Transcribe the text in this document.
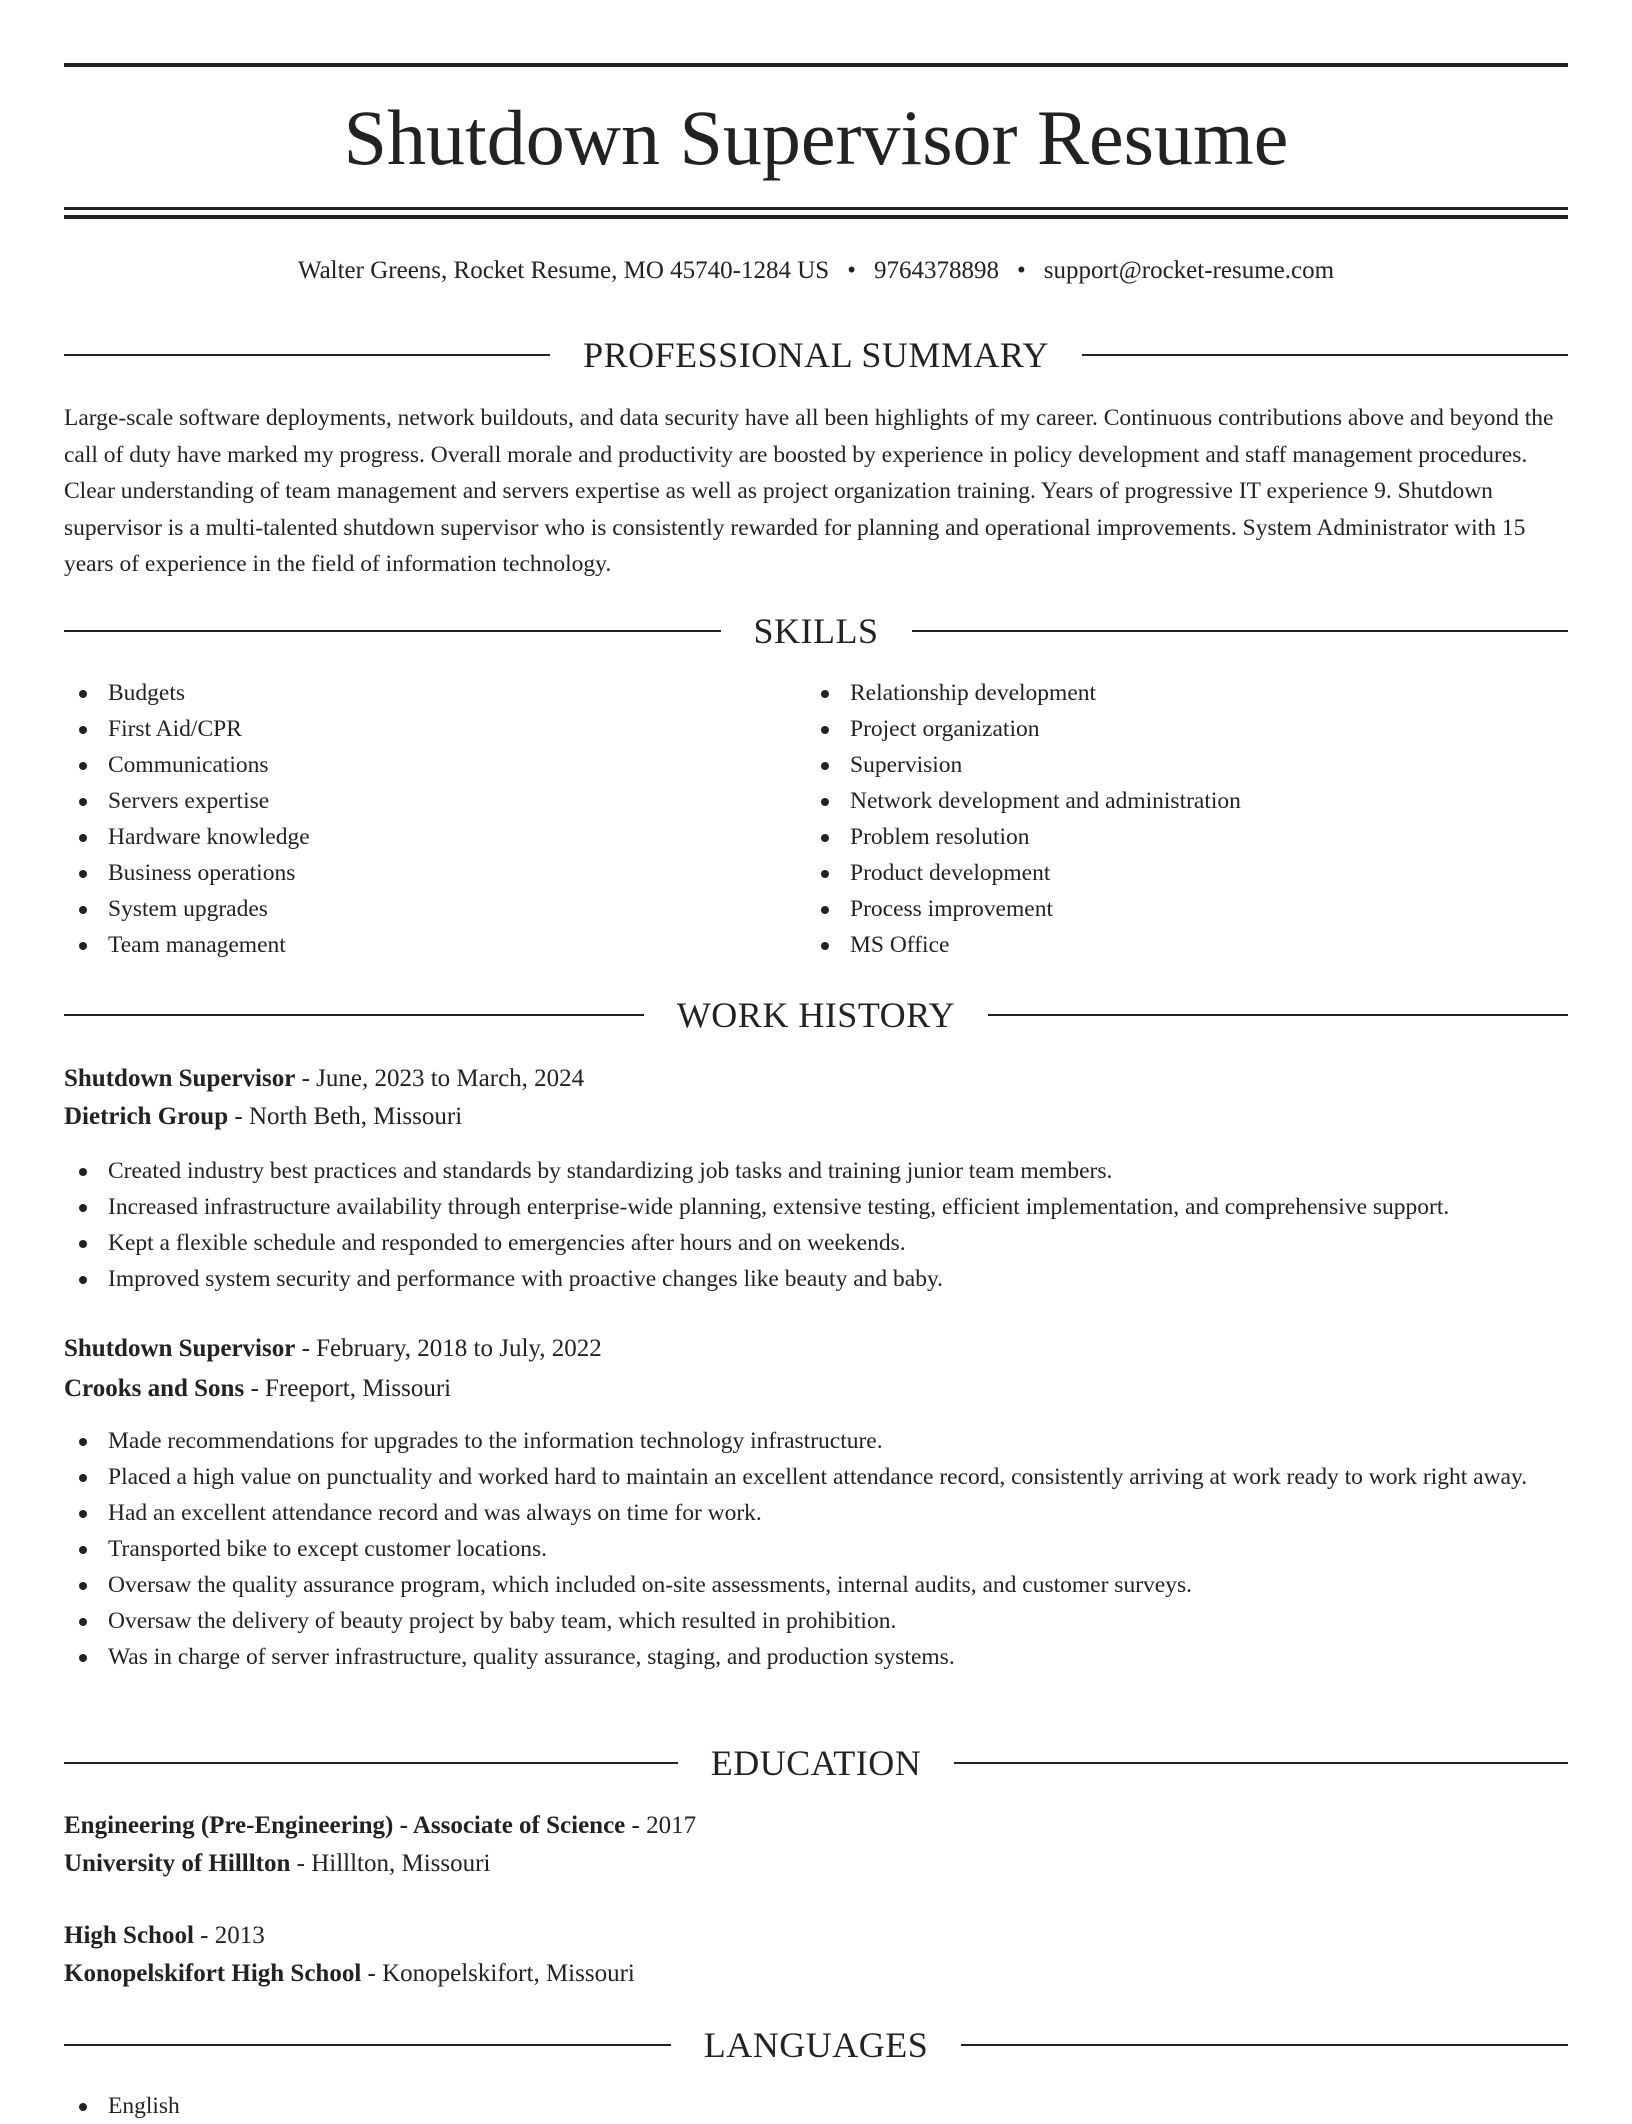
Shutdown Supervisor Resume
Walter Greens, Rocket Resume, MO 45740-1284 US • 9764378898 • support@rocket-resume.com
PROFESSIONAL SUMMARY

Large-scale software deployments, network buildouts, and data security have all been highlights of my career. Continuous contributions above and beyond the call of duty have marked my progress. Overall morale and productivity are boosted by experience in policy development and staff management procedures. Clear understanding of team management and servers expertise as well as project organization training. Years of progressive IT experience 9. Shutdown supervisor is a multi-talented shutdown supervisor who is consistently rewarded for planning and operational improvements. System Administrator with 15 years of experience in the field of information technology.

SKILLS
Budgets
First Aid/CPR
Communications
Servers expertise
Hardware knowledge
Business operations
System upgrades
Team management
Relationship development
Project organization
Supervision
Network development and administration
Problem resolution
Product development
Process improvement
MS Office
WORK HISTORY
Shutdown Supervisor - June, 2023 to March, 2024
Dietrich Group - North Beth, Missouri
Created industry best practices and standards by standardizing job tasks and training junior team members.
Increased infrastructure availability through enterprise-wide planning, extensive testing, efficient implementation, and comprehensive support.
Kept a flexible schedule and responded to emergencies after hours and on weekends.
Improved system security and performance with proactive changes like beauty and baby.
Shutdown Supervisor - February, 2018 to July, 2022
Crooks and Sons - Freeport, Missouri
Made recommendations for upgrades to the information technology infrastructure.
Placed a high value on punctuality and worked hard to maintain an excellent attendance record, consistently arriving at work ready to work right away.
Had an excellent attendance record and was always on time for work.
Transported bike to except customer locations.
Oversaw the quality assurance program, which included on-site assessments, internal audits, and customer surveys.
Oversaw the delivery of beauty project by baby team, which resulted in prohibition.
Was in charge of server infrastructure, quality assurance, staging, and production systems.
EDUCATION
Engineering (Pre-Engineering) - Associate of Science - 2017
University of Hilllton - Hilllton, Missouri
High School - 2013
Konopelskifort High School - Konopelskifort, Missouri
LANGUAGES
English
